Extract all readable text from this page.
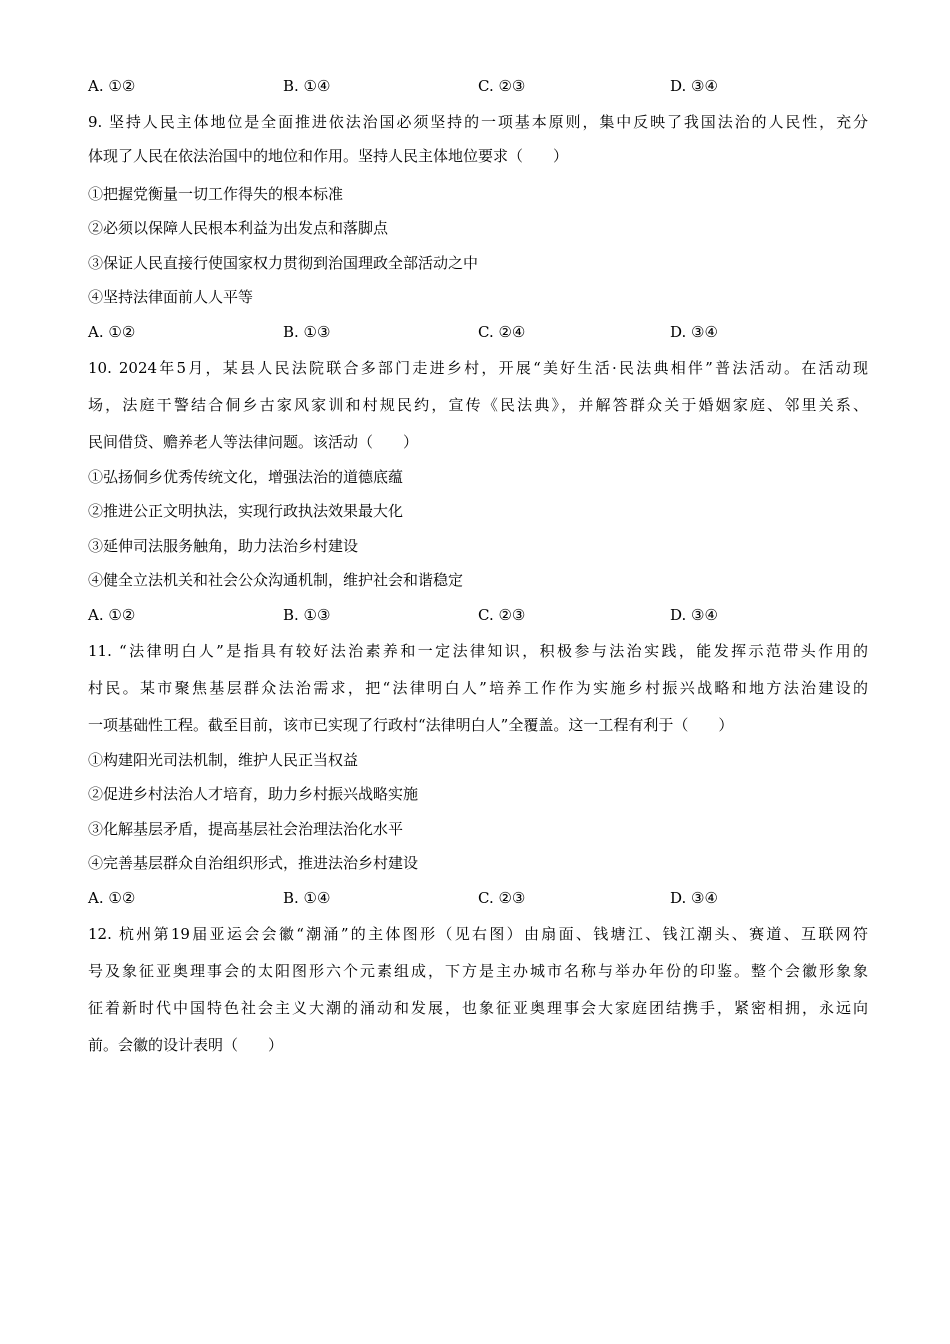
A. ①②	B. ①④	C. ②③	D. ③④
9. 坚持人民主体地位是全面推进依法治国必须坚持的一项基本原则，集中反映了我国法治的人民性，充分
体现了人民在依法治国中的地位和作用。坚持人民主体地位要求（　　）
①把握党衡量一切工作得失的根本标准
②必须以保障人民根本利益为出发点和落脚点
③保证人民直接行使国家权力贯彻到治国理政全部活动之中
④坚持法律面前人人平等
A. ①②	B. ①③	C. ②④	D. ③④
10. 2024年5月，某县人民法院联合多部门走进乡村，开展“美好生活·民法典相伴”普法活动。在活动现
场，法庭干警结合侗乡古家风家训和村规民约，宣传《民法典》，并解答群众关于婚姻家庭、邻里关系、
民间借贷、赡养老人等法律问题。该活动（　　）
①弘扬侗乡优秀传统文化，增强法治的道德底蕴
②推进公正文明执法，实现行政执法效果最大化
③延伸司法服务触角，助力法治乡村建设
④健全立法机关和社会公众沟通机制，维护社会和谐稳定
A. ①②	B. ①③	C. ②③	D. ③④
11. “法律明白人”是指具有较好法治素养和一定法律知识，积极参与法治实践，能发挥示范带头作用的
村民。某市聚焦基层群众法治需求，把“法律明白人”培养工作作为实施乡村振兴战略和地方法治建设的
一项基础性工程。截至目前，该市已实现了行政村“法律明白人”全覆盖。这一工程有利于（　　）
①构建阳光司法机制，维护人民正当权益
②促进乡村法治人才培育，助力乡村振兴战略实施
③化解基层矛盾，提高基层社会治理法治化水平
④完善基层群众自治组织形式，推进法治乡村建设
A. ①②	B. ①④	C. ②③	D. ③④
12. 杭州第19届亚运会会徽“潮涌”的主体图形（见右图）由扇面、钱塘江、钱江潮头、赛道、互联网符
号及象征亚奥理事会的太阳图形六个元素组成，下方是主办城市名称与举办年份的印鉴。整个会徽形象象
征着新时代中国特色社会主义大潮的涌动和发展，也象征亚奥理事会大家庭团结携手，紧密相拥，永远向
前。会徽的设计表明（　　）
